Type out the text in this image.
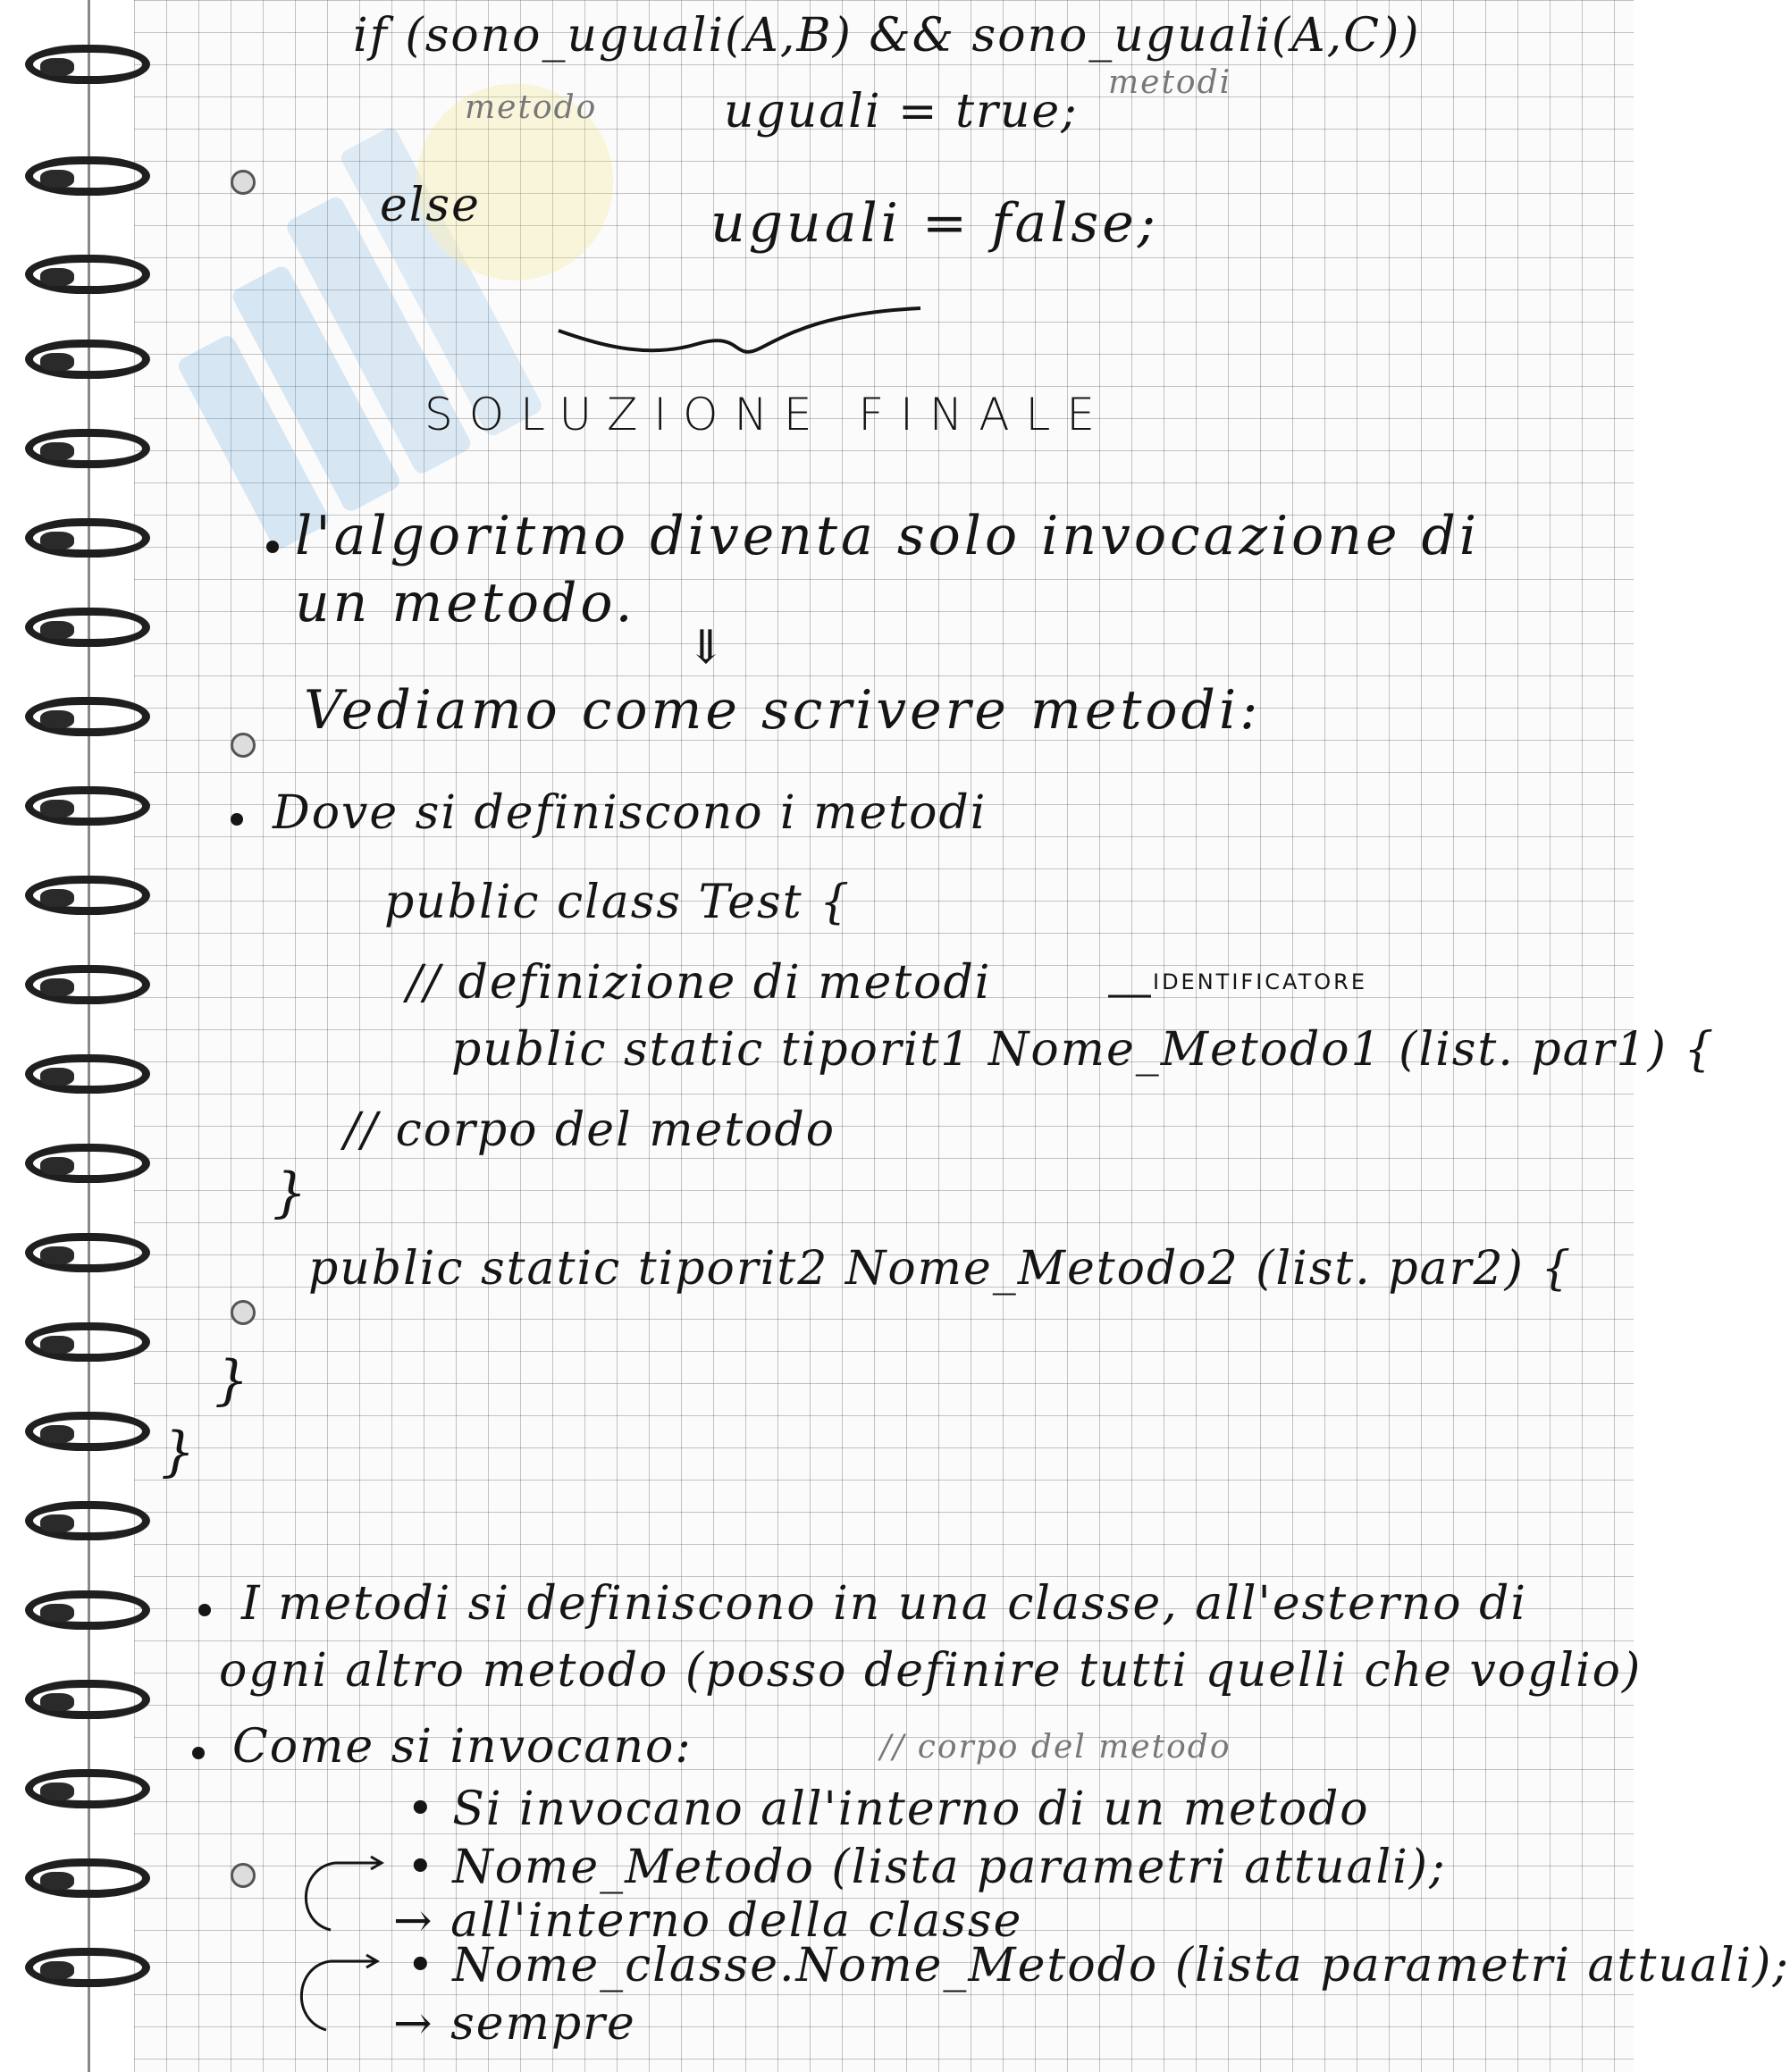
if (sono_uguali(A,B) && sono_uguali(A,C))
metodi
metodo	uguali = true;
else	uguali = false;
SOLUZIONE FINALE
l'algoritmo diventa solo invocazione di
un metodo.
⇓
Vediamo come scrivere metodi:
Dove si definiscono i metodi
public class Test {
// definizione di metodi	IDENTIFICATORE
public static tiporit1 Nome_Metodo1 (list. par1) {
// corpo del metodo
}
public static tiporit2 Nome_Metodo2 (list. par2) {
}
}
I metodi si definiscono in una classe, all'esterno di
ogni altro metodo (posso definire tutti quelli che voglio)
Come si invocano:	// corpo del metodo
• Si invocano all'interno di un metodo
• Nome_Metodo (lista parametri attuali);
→ all'interno della classe
• Nome_classe.Nome_Metodo (lista parametri attuali);
→ sempre
